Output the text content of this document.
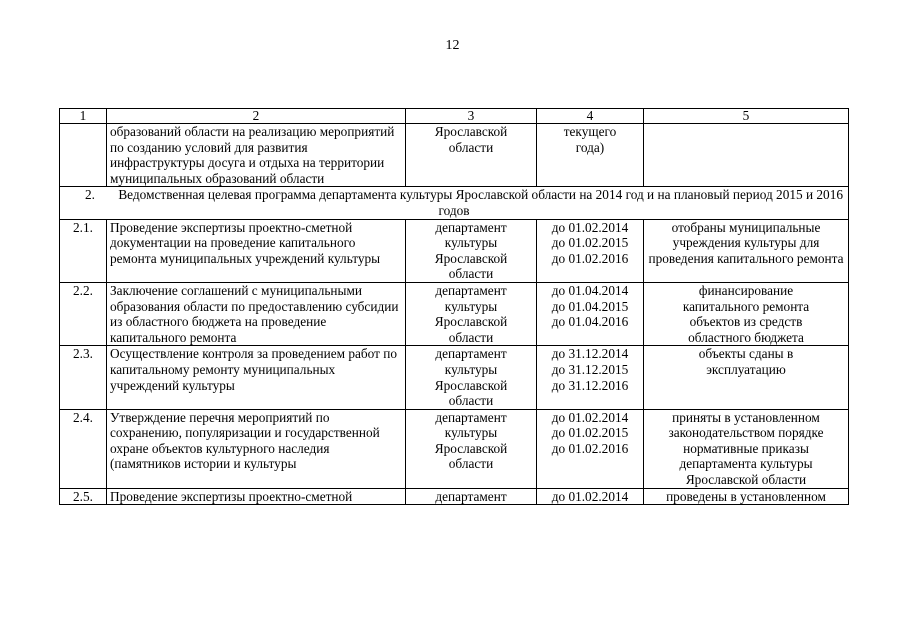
12
1	2	3	4	5
	образований области на реализацию мероприятий по созданию условий для развития инфраструктуры досуга и отдыха на территории муниципальных образований области	Ярославской области	текущего года)	
2. Ведомственная целевая программа департамента культуры Ярославской области на 2014 год и на плановый период 2015 и 2016 годов				
2.1.	Проведение экспертизы проектно-сметной документации на проведение капитального ремонта муниципальных учреждений культуры	департамент культуры Ярославской области	до 01.02.2014 до 01.02.2015 до 01.02.2016	отобраны муниципальные учреждения культуры для проведения капитального ремонта
2.2.	Заключение соглашений с муниципальными образования области по предоставлению субсидии из областного бюджета на проведение капитального ремонта	департамент культуры Ярославской области	до 01.04.2014 до 01.04.2015 до 01.04.2016	финансирование капитального ремонта объектов из средств областного бюджета
2.3.	Осуществление контроля за проведением работ по капитальному ремонту муниципальных учреждений культуры	департамент культуры Ярославской области	до 31.12.2014 до 31.12.2015 до 31.12.2016	объекты сданы в эксплуатацию
2.4.	Утверждение перечня мероприятий по сохранению, популяризации и государственной охране объектов культурного наследия (памятников истории и культуры	департамент культуры Ярославской области	до 01.02.2014 до 01.02.2015 до 01.02.2016	приняты в установленном законодательством порядке нормативные приказы департамента культуры Ярославской области
2.5.	Проведение экспертизы проектно-сметной	департамент	до 01.02.2014	проведены в установленном
